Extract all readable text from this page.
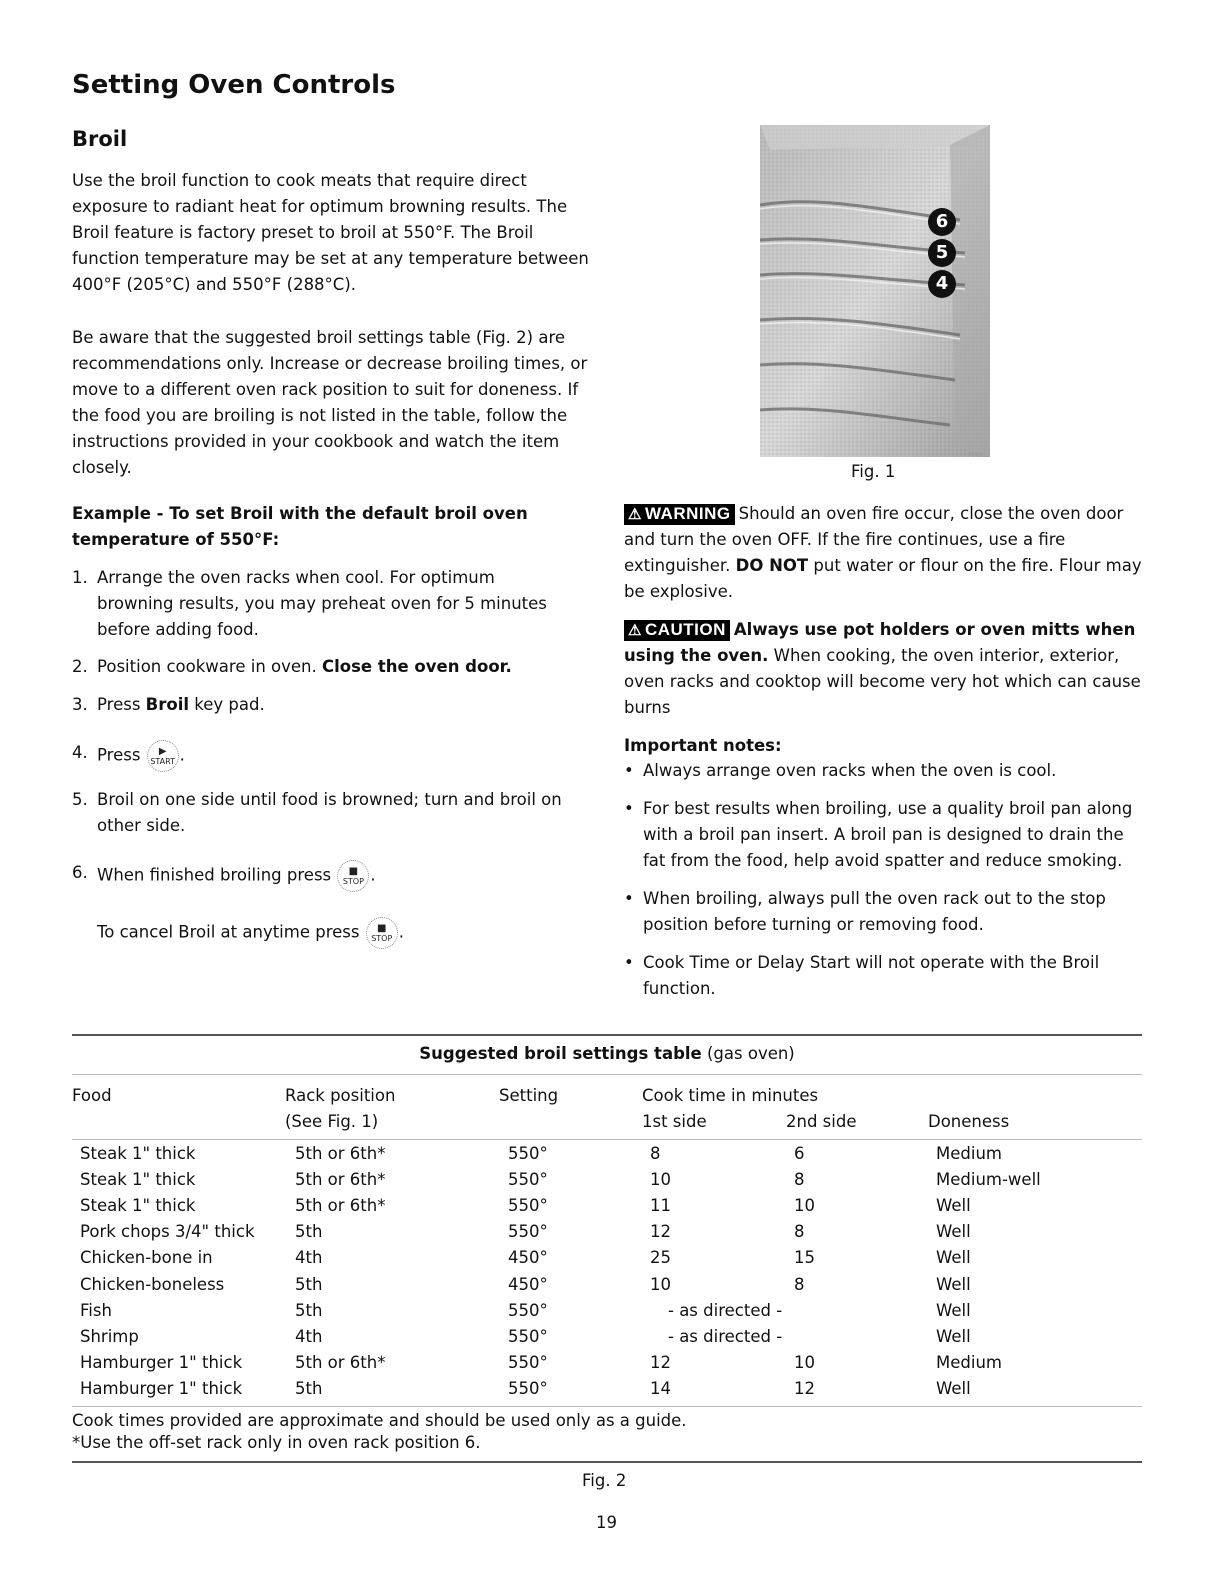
Setting Oven Controls
Broil

Use the broil function to cook meats that require direct exposure to radiant heat for optimum browning results. The Broil feature is factory preset to broil at 550°F. The Broil function temperature may be set at any temperature between 400°F (205°C) and 550°F (288°C).

Be aware that the suggested broil settings table (Fig. 2) are recommendations only. Increase or decrease broiling times, or move to a different oven rack position to suit for doneness. If the food you are broiling is not listed in the table, follow the instructions provided in your cookbook and watch the item closely.

Example - To set Broil with the default broil oven temperature of 550°F:
1. Arrange the oven racks when cool. For optimum browning results, you may preheat oven for 5 minutes before adding food.
2. Position cookware in oven. Close the oven door.
3. Press Broil key pad.
4. Press	▶
START .
5. Broil on one side until food is browned; turn and broil on other side.
6. When finished broiling press	■
STOP .
To cancel Broil at anytime press	■
STOP .
6
5
4
Fig. 1
⚠ WARNING Should an oven fire occur, close the oven door and turn the oven OFF. If the fire continues, use a fire extinguisher. DO NOT put water or flour on the fire. Flour may be explosive.
⚠ CAUTION Always use pot holders or oven mitts when using the oven. When cooking, the oven interior, exterior, oven racks and cooktop will become very hot which can cause burns
Important notes:
• Always arrange oven racks when the oven is cool.
• For best results when broiling, use a quality broil pan along with a broil pan insert. A broil pan is designed to drain the fat from the food, help avoid spatter and reduce smoking.
• When broiling, always pull the oven rack out to the stop position before turning or removing food.
• Cook Time or Delay Start will not operate with the Broil function.
Suggested broil settings table (gas oven)
Food	Rack position
(See Fig. 1)
Setting	Cook time in minutes
1st side	2nd side	Doneness
Steak 1" thick	5th or 6th*	550°	8	6	Medium
Steak 1" thick	5th or 6th*	550°	10	8	Medium-well
Steak 1" thick	5th or 6th*	550°	11	10	Well
Pork chops 3/4" thick 5th	550°	12	8	Well
Chicken-bone in	4th	450°	25	15	Well
Chicken-boneless	5th	450°	10	8	Well
Fish	5th	550°	- as directed -	Well
Shrimp	4th	550°	- as directed -	Well
Hamburger 1" thick	5th or 6th*	550°	12	10	Medium
Hamburger 1" thick	5th	550°	14	12	Well
Cook times provided are approximate and should be used only as a guide.
*Use the off-set rack only in oven rack position 6.
Fig. 2
19
